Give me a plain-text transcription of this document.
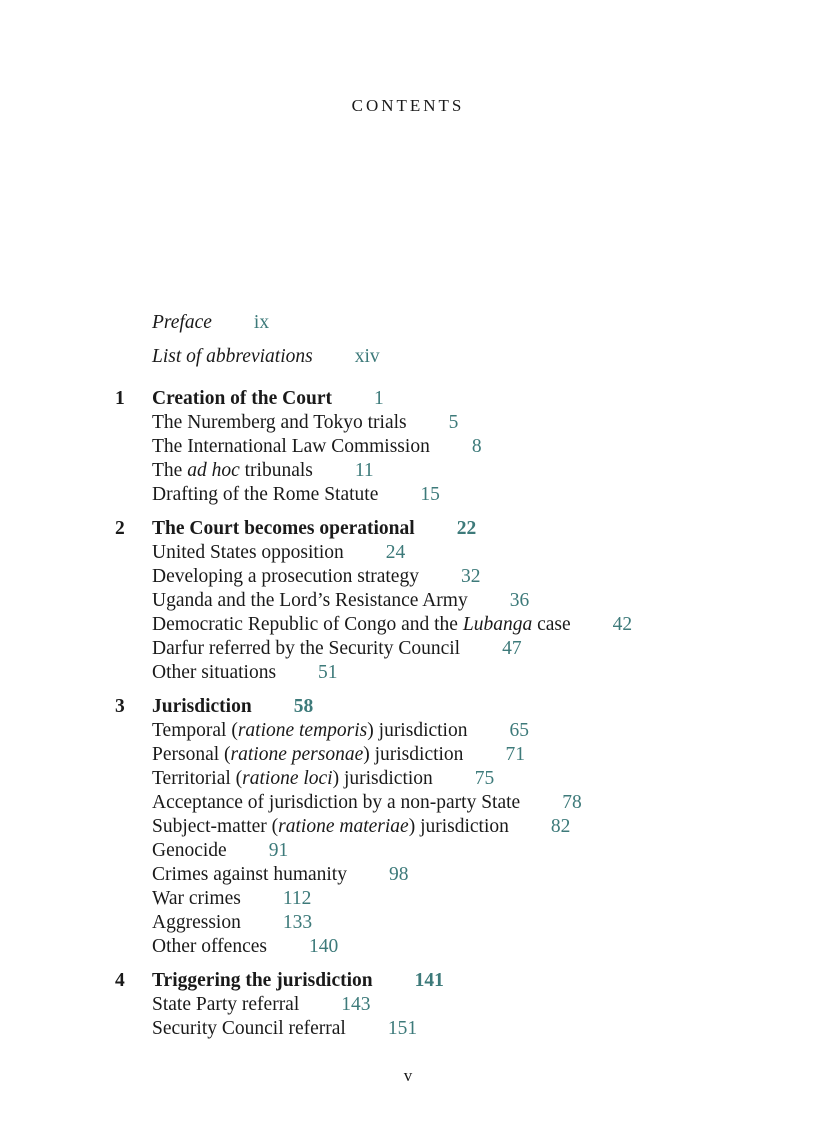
CONTENTS
Preface ix
List of abbreviations xiv
1 Creation of the Court 1
The Nuremberg and Tokyo trials 5
The International Law Commission 8
The ad hoc tribunals 11
Drafting of the Rome Statute 15
2 The Court becomes operational 22
United States opposition 24
Developing a prosecution strategy 32
Uganda and the Lord’s Resistance Army 36
Democratic Republic of Congo and the Lubanga case 42
Darfur referred by the Security Council 47
Other situations 51
3 Jurisdiction 58
Temporal (ratione temporis) jurisdiction 65
Personal (ratione personae) jurisdiction 71
Territorial (ratione loci) jurisdiction 75
Acceptance of jurisdiction by a non-party State 78
Subject-matter (ratione materiae) jurisdiction 82
Genocide 91
Crimes against humanity 98
War crimes 112
Aggression 133
Other offences 140
4 Triggering the jurisdiction 141
State Party referral 143
Security Council referral 151
v
